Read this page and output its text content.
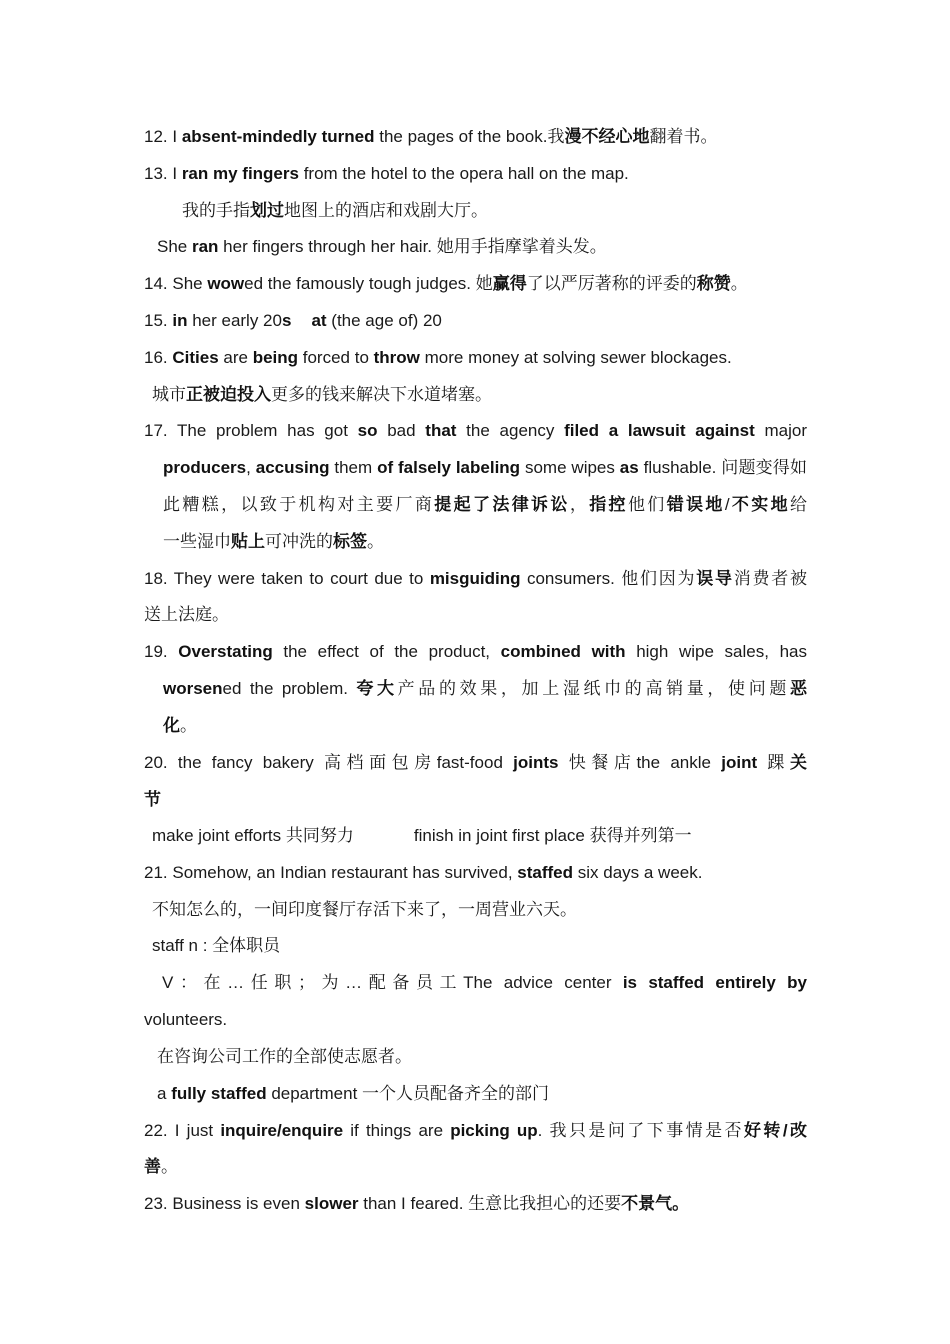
12. I absent-mindedly turned the pages of the book.我漫不经心地翻着书。
13. I ran my fingers from the hotel to the opera hall on the map.
我的手指划过地图上的酒店和戏剧大厅。
She ran her fingers through her hair. 她用手指摩挲着头发。
14. She wowed the famously tough judges. 她赢得了以严厉著称的评委的称赞。
15. in her early 20s at (the age of) 20
16. Cities are being forced to throw more money at solving sewer blockages.
城市正被迫投入更多的钱来解决下水道堵塞。
17. The problem has got so bad that the agency filed a lawsuit against major
producers, accusing them of falsely labeling some wipes as flushable. 问题变得如
此糟糕，以致于机构对主要厂商提起了法律诉讼，指控他们错误地/不实地给
一些湿巾贴上可冲洗的标签。
18. They were taken to court due to misguiding consumers. 他们因为误导消费者被
送上法庭。
19. Overstating the effect of the product, combined with high wipe sales, has
worsened the problem. 夸大产品的效果，加上湿纸巾的高销量，使问题恶
化。
20. the fancy bakery 高档面包房fast-food joints 快餐店the ankle joint 踝关
节
make joint efforts 共同努力	finish in joint first place 获得并列第一
21. Somehow, an Indian restaurant has survived, staffed six days a week.
不知怎么的，一间印度餐厅存活下来了，一周营业六天。
staff n : 全体职员
V：在…任职；为…配备员工The advice center is staffed entirely by
volunteers.
在咨询公司工作的全部使志愿者。
a fully staffed department 一个人员配备齐全的部门
22. I just inquire/enquire if things are picking up. 我只是问了下事情是否好转/改
善。
23. Business is even slower than I feared. 生意比我担心的还要不景气。
